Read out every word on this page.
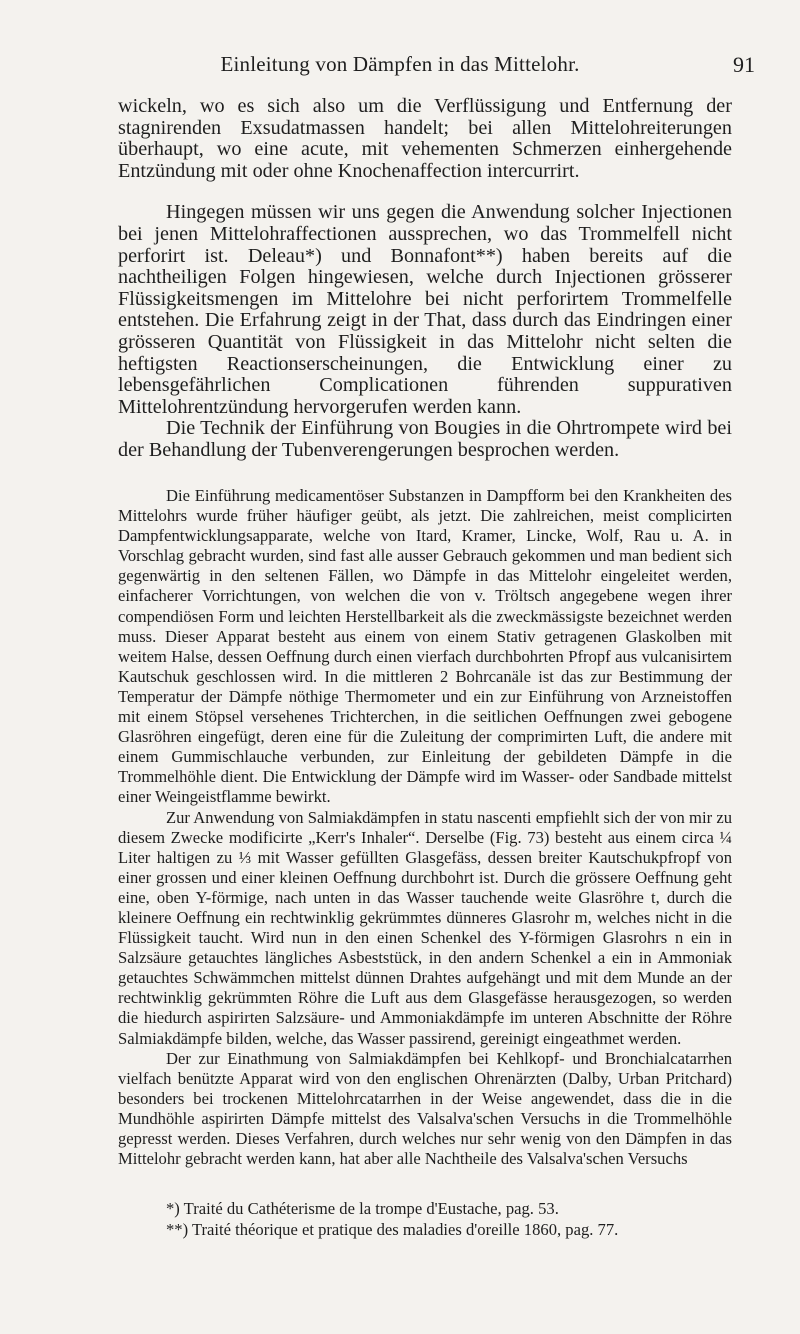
Einleitung von Dämpfen in das Mittelohr.	91

wickeln, wo es sich also um die Verflüssigung und Entfernung der stagnirenden Exsudatmassen handelt; bei allen Mittelohreiterungen überhaupt, wo eine acute, mit vehementen Schmerzen einhergehende Entzündung mit oder ohne Knochenaffection intercurrirt.

Hingegen müssen wir uns gegen die Anwendung solcher Injectionen bei jenen Mittelohraffectionen aussprechen, wo das Trommelfell nicht perforirt ist. Deleau*) und Bonnafont**) haben bereits auf die nachtheiligen Folgen hingewiesen, welche durch Injectionen grösserer Flüssigkeitsmengen im Mittelohre bei nicht perforirtem Trommelfelle entstehen. Die Erfahrung zeigt in der That, dass durch das Eindringen einer grösseren Quantität von Flüssigkeit in das Mittelohr nicht selten die heftigsten Reactionserscheinungen, die Entwicklung einer zu lebensgefährlichen Complicationen führenden suppurativen Mittelohrentzündung hervorgerufen werden kann.

Die Technik der Einführung von Bougies in die Ohrtrompete wird bei der Behandlung der Tubenverengerungen besprochen werden.

Die Einführung medicamentöser Substanzen in Dampfform bei den Krankheiten des Mittelohrs wurde früher häufiger geübt, als jetzt. Die zahlreichen, meist complicirten Dampfentwicklungsapparate, welche von Itard, Kramer, Lincke, Wolf, Rau u. A. in Vorschlag gebracht wurden, sind fast alle ausser Gebrauch gekommen und man bedient sich gegenwärtig in den seltenen Fällen, wo Dämpfe in das Mittelohr eingeleitet werden, einfacherer Vorrichtungen, von welchen die von v. Tröltsch angegebene wegen ihrer compendiösen Form und leichten Herstellbarkeit als die zweckmässigste bezeichnet werden muss. Dieser Apparat besteht aus einem von einem Stativ getragenen Glaskolben mit weitem Halse, dessen Oeffnung durch einen vierfach durchbohrten Pfropf aus vulcanisirtem Kautschuk geschlossen wird. In die mittleren 2 Bohrcanäle ist das zur Bestimmung der Temperatur der Dämpfe nöthige Thermometer und ein zur Einführung von Arzneistoffen mit einem Stöpsel versehenes Trichterchen, in die seitlichen Oeffnungen zwei gebogene Glasröhren eingefügt, deren eine für die Zuleitung der comprimirten Luft, die andere mit einem Gummischlauche verbunden, zur Einleitung der gebildeten Dämpfe in die Trommelhöhle dient. Die Entwicklung der Dämpfe wird im Wasser- oder Sandbade mittelst einer Weingeistflamme bewirkt.

Zur Anwendung von Salmiakdämpfen in statu nascenti empfiehlt sich der von mir zu diesem Zwecke modificirte „Kerr's Inhaler“. Derselbe (Fig. 73) besteht aus einem circa ¼ Liter haltigen zu ⅓ mit Wasser gefüllten Glasgefäss, dessen breiter Kautschukpfropf von einer grossen und einer kleinen Oeffnung durchbohrt ist. Durch die grössere Oeffnung geht eine, oben Y-förmige, nach unten in das Wasser tauchende weite Glasröhre t, durch die kleinere Oeffnung ein rechtwinklig gekrümmtes dünneres Glasrohr m, welches nicht in die Flüssigkeit taucht. Wird nun in den einen Schenkel des Y-förmigen Glasrohrs n ein in Salzsäure getauchtes längliches Asbeststück, in den andern Schenkel a ein in Ammoniak getauchtes Schwämmchen mittelst dünnen Drahtes aufgehängt und mit dem Munde an der rechtwinklig gekrümmten Röhre die Luft aus dem Glasgefässe herausgezogen, so werden die hiedurch aspirirten Salzsäure- und Ammoniakdämpfe im unteren Abschnitte der Röhre Salmiakdämpfe bilden, welche, das Wasser passirend, gereinigt eingeathmet werden.

Der zur Einathmung von Salmiakdämpfen bei Kehlkopf- und Bronchialcatarrhen vielfach benützte Apparat wird von den englischen Ohrenärzten (Dalby, Urban Pritchard) besonders bei trockenen Mittelohrcatarrhen in der Weise angewendet, dass die in die Mundhöhle aspirirten Dämpfe mittelst des Valsalva'schen Versuchs in die Trommelhöhle gepresst werden. Dieses Verfahren, durch welches nur sehr wenig von den Dämpfen in das Mittelohr gebracht werden kann, hat aber alle Nachtheile des Valsalva'schen Versuchs

*) Traité du Cathéterisme de la trompe d'Eustache, pag. 53.

**) Traité théorique et pratique des maladies d'oreille 1860, pag. 77.
